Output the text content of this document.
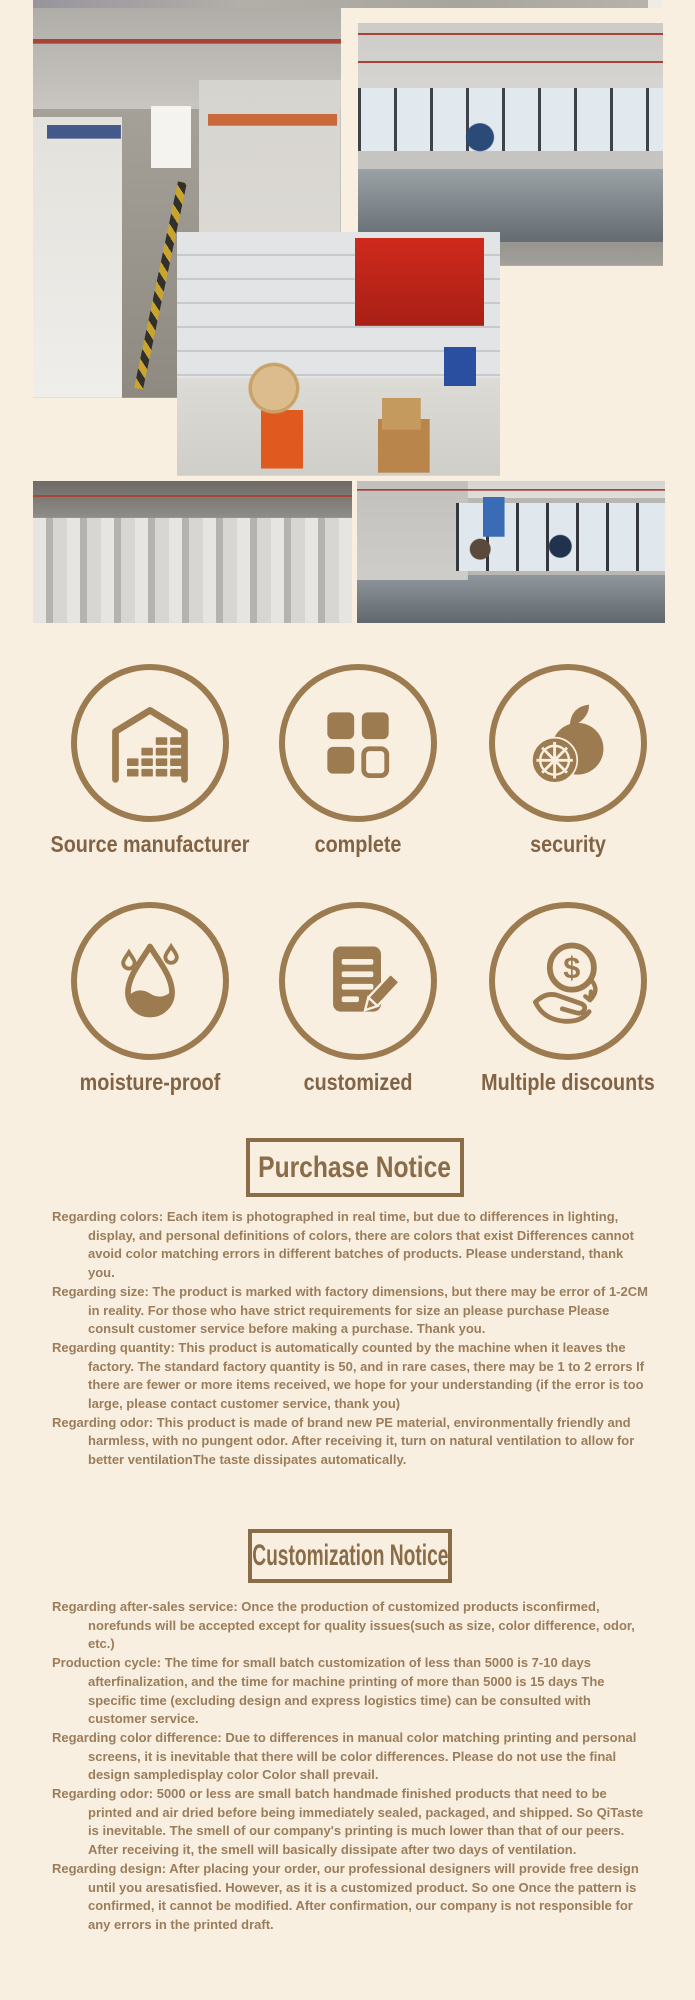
Source manufacturer	complete	security
moisture-proof	customized
$
Multiple discounts
Purchase Notice

Regarding colors: Each item is photographed in real time, but due to differences in lighting, display, and personal definitions of colors, there are colors that exist Differences cannot avoid color matching errors in different batches of products. Please understand, thank you.

Regarding size: The product is marked with factory dimensions, but there may be error of 1-2CM in reality. For those who have strict requirements for size an please purchase Please consult customer service before making a purchase. Thank you.

Regarding quantity: This product is automatically counted by the machine when it leaves the factory. The standard factory quantity is 50, and in rare cases, there may be 1 to 2 errors If there are fewer or more items received, we hope for your understanding (if the error is too large, please contact customer service, thank you)

Regarding odor: This product is made of brand new PE material, environmentally friendly and harmless, with no pungent odor. After receiving it, turn on natural ventilation to allow for better ventilationThe taste dissipates automatically.

Customization Notice

Regarding after-sales service: Once the production of customized products isconfirmed, norefunds will be accepted except for quality issues(such as size, color difference, odor, etc.)

Production cycle: The time for small batch customization of less than 5000 is 7-10 days afterfinalization, and the time for machine printing of more than 5000 is 15 days The specific time (excluding design and express logistics time) can be consulted with customer service.

Regarding color difference: Due to differences in manual color matching printing and personal screens, it is inevitable that there will be color differences. Please do not use the final design sampledisplay color Color shall prevail.

Regarding odor: 5000 or less are small batch handmade finished products that need to be printed and air dried before being immediately sealed, packaged, and shipped. So QiTaste is inevitable. The smell of our company's printing is much lower than that of our peers. After receiving it, the smell will basically dissipate after two days of ventilation.

Regarding design: After placing your order, our professional designers will provide free design until you aresatisfied. However, as it is a customized product. So one Once the pattern is confirmed, it cannot be modified. After confirmation, our company is not responsible for any errors in the printed draft.
